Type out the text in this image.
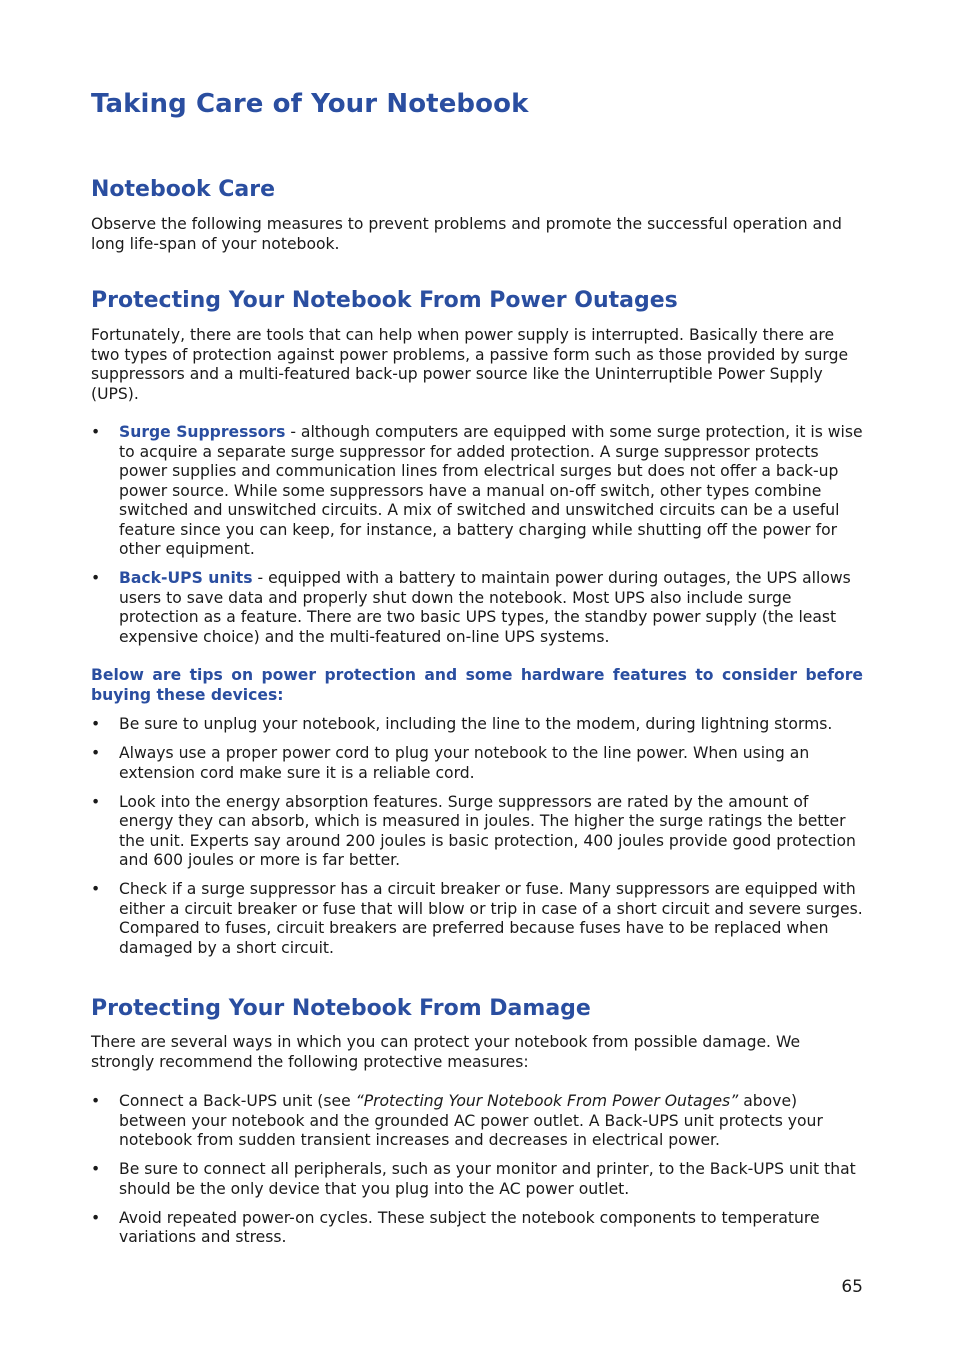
Taking Care of Your Notebook
Notebook Care

Observe the following measures to prevent problems and promote the successful operation and long life-span of your notebook.

Protecting Your Notebook From Power Outages

Fortunately, there are tools that can help when power supply is interrupted. Basically there are two types of protection against power problems, a passive form such as those provided by surge suppressors and a multi-featured back-up power source like the Uninterruptible Power Supply (UPS).

• Surge Suppressors - although computers are equipped with some surge protection, it is wise to acquire a separate surge suppressor for added protection. A surge suppressor protects power supplies and communication lines from electrical surges but does not offer a back-up power source. While some suppressors have a manual on-off switch, other types combine switched and unswitched circuits. A mix of switched and unswitched circuits can be a useful feature since you can keep, for instance, a battery charging while shutting off the power for other equipment.
• Back-UPS units - equipped with a battery to maintain power during outages, the UPS allows users to save data and properly shut down the notebook. Most UPS also include surge protection as a feature. There are two basic UPS types, the standby power supply (the least expensive choice) and the multi-featured on-line UPS systems.

Below are tips on power protection and some hardware features to consider before buying these devices:

• Be sure to unplug your notebook, including the line to the modem, during lightning storms.
• Always use a proper power cord to plug your notebook to the line power. When using an extension cord make sure it is a reliable cord.
• Look into the energy absorption features. Surge suppressors are rated by the amount of energy they can absorb, which is measured in joules. The higher the surge ratings the better the unit. Experts say around 200 joules is basic protection, 400 joules provide good protection and 600 joules or more is far better.
• Check if a surge suppressor has a circuit breaker or fuse. Many suppressors are equipped with either a circuit breaker or fuse that will blow or trip in case of a short circuit and severe surges. Compared to fuses, circuit breakers are preferred because fuses have to be replaced when damaged by a short circuit.
Protecting Your Notebook From Damage

There are several ways in which you can protect your notebook from possible damage. We strongly recommend the following protective measures:

• Connect a Back-UPS unit (see “Protecting Your Notebook From Power Outages” above) between your notebook and the grounded AC power outlet. A Back-UPS unit protects your notebook from sudden transient increases and decreases in electrical power.
• Be sure to connect all peripherals, such as your monitor and printer, to the Back-UPS unit that should be the only device that you plug into the AC power outlet.
• Avoid repeated power-on cycles. These subject the notebook components to temperature variations and stress.
65
